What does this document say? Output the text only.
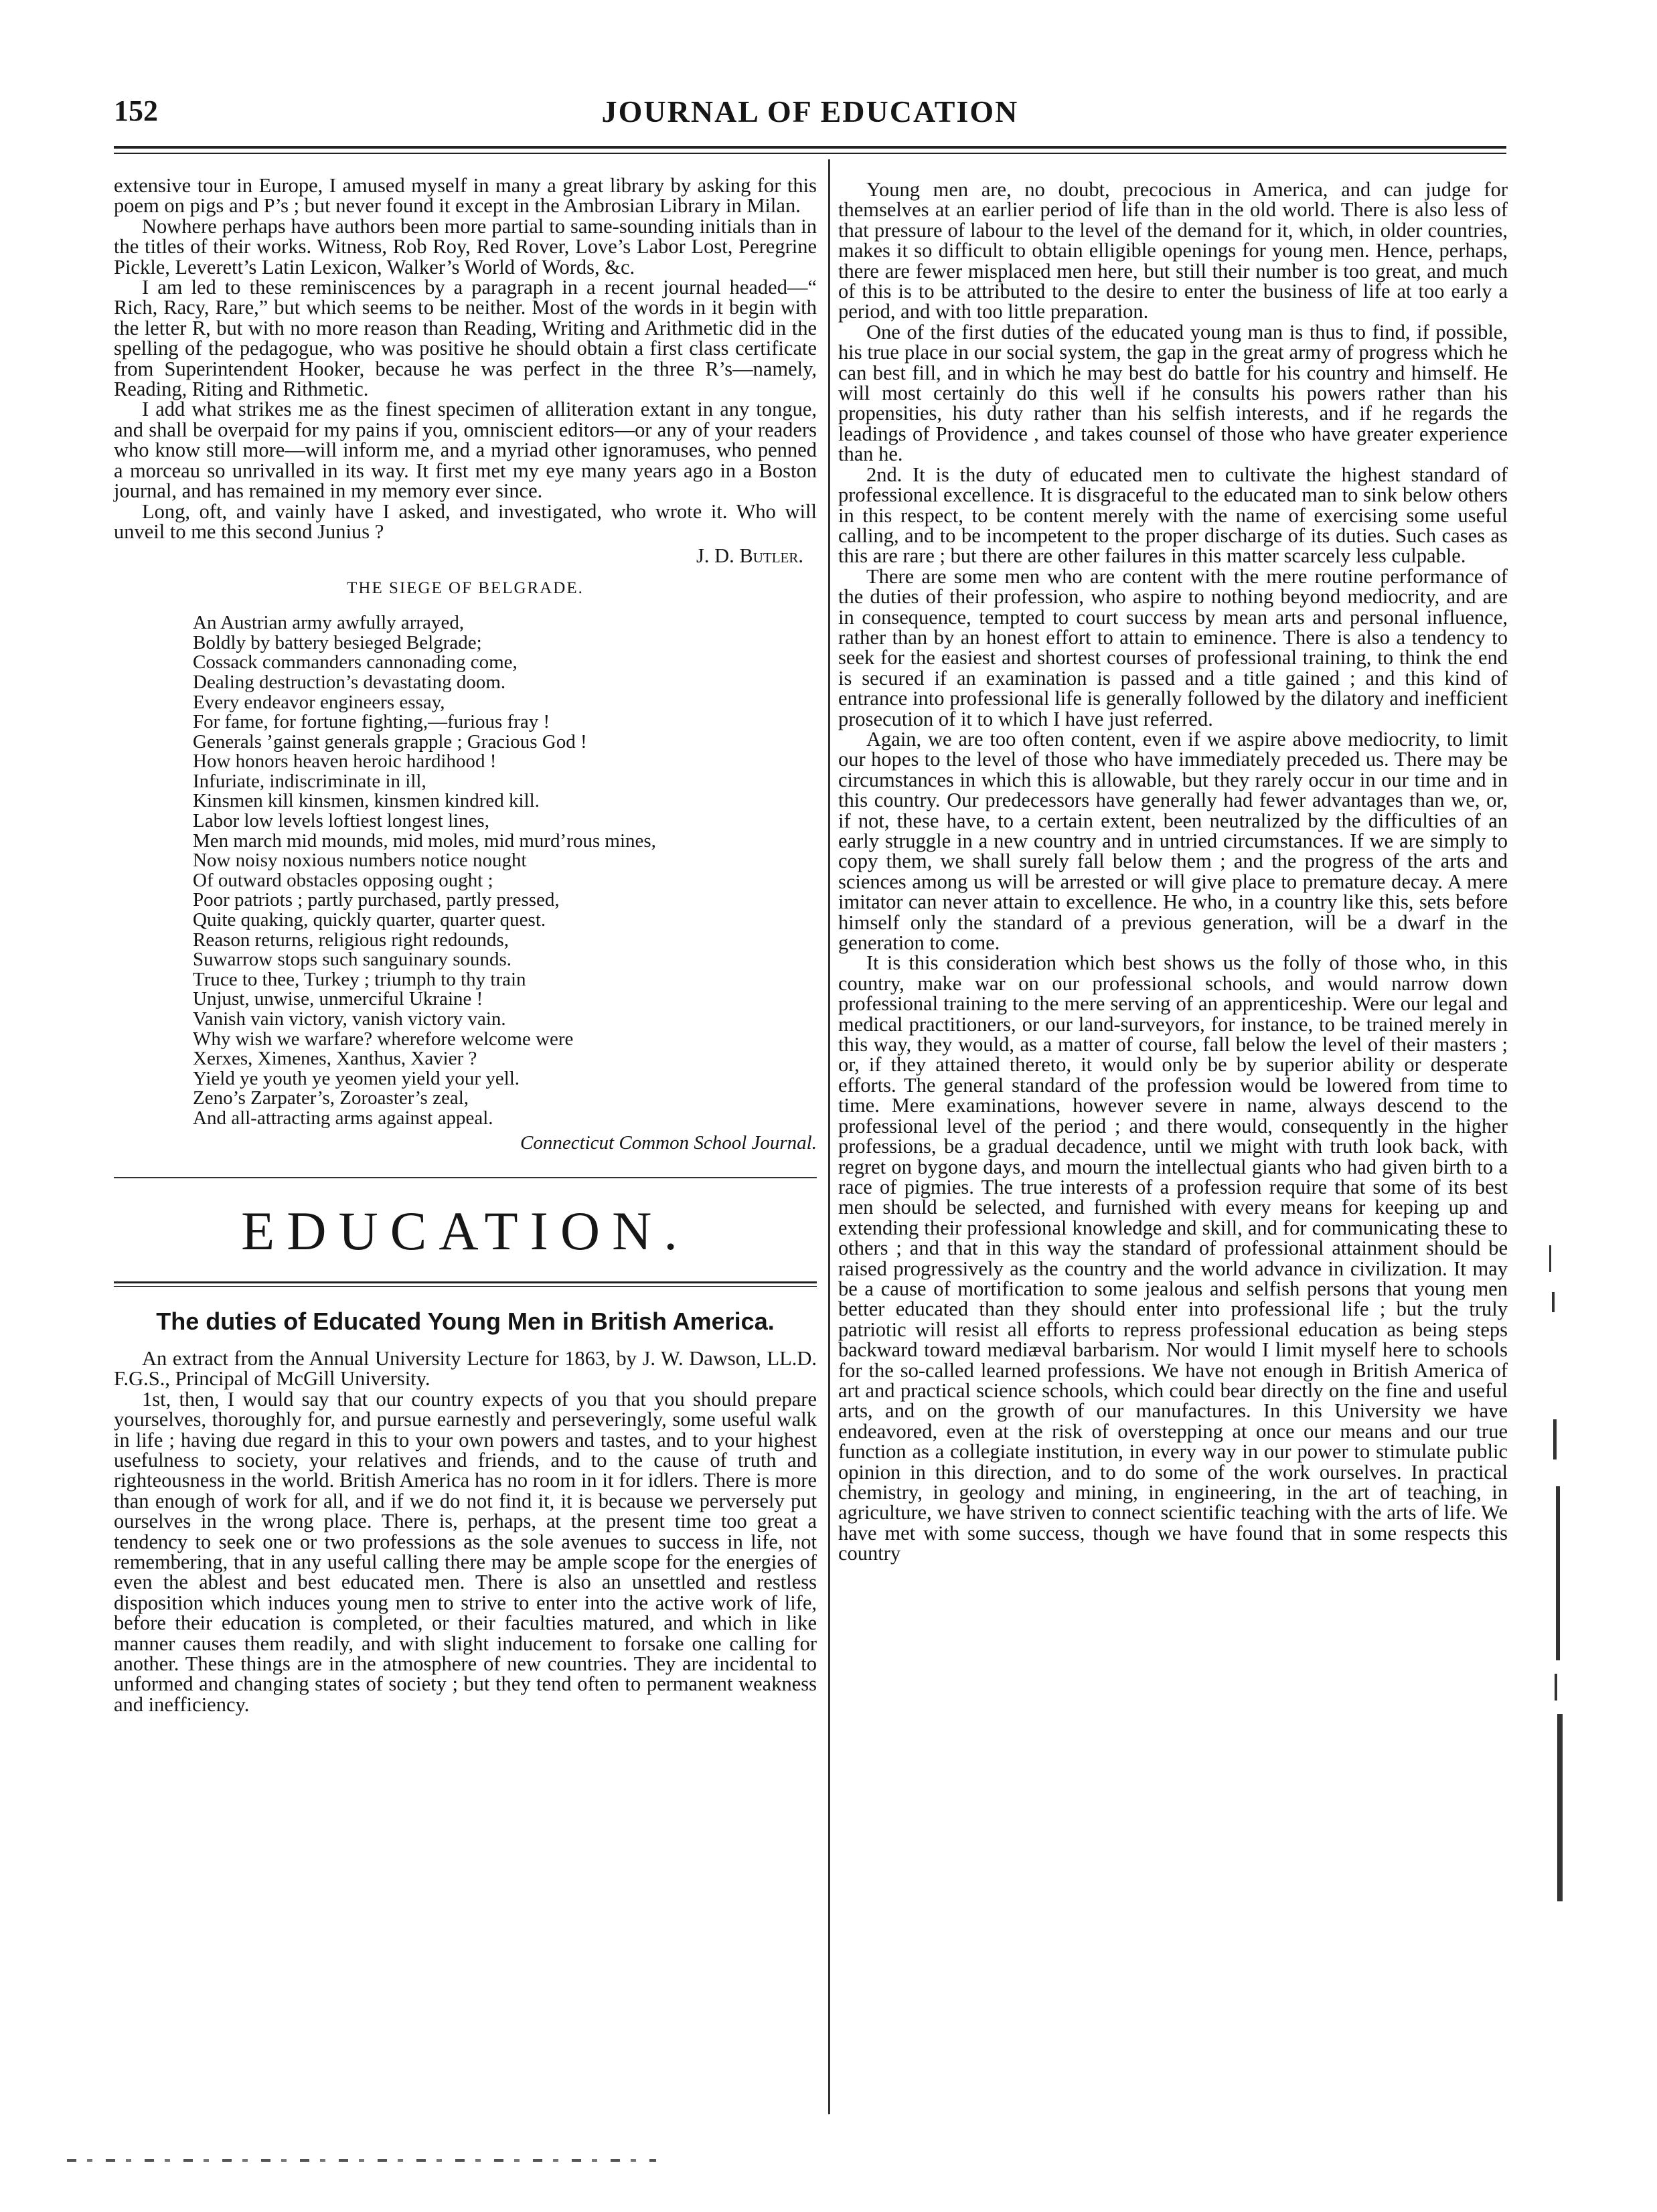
152	JOURNAL OF EDUCATION

extensive tour in Europe, I amused myself in many a great library by asking for this poem on pigs and P’s ; but never found it except in the Ambrosian Library in Milan.

Nowhere perhaps have authors been more partial to same-sounding initials than in the titles of their works. Witness, Rob Roy, Red Rover, Love’s Labor Lost, Peregrine Pickle, Leverett’s Latin Lexicon, Walker’s World of Words, &c.

I am led to these reminiscences by a paragraph in a recent journal headed—“ Rich, Racy, Rare,” but which seems to be neither. Most of the words in it begin with the letter R, but with no more reason than Reading, Writing and Arithmetic did in the spelling of the pedagogue, who was positive he should obtain a first class certificate from Superintendent Hooker, because he was perfect in the three R’s—namely, Reading, Riting and Rithmetic.

I add what strikes me as the finest specimen of alliteration extant in any tongue, and shall be overpaid for my pains if you, omniscient editors—or any of your readers who know still more—will inform me, and a myriad other ignoramuses, who penned a morceau so unrivalled in its way. It first met my eye many years ago in a Boston journal, and has remained in my memory ever since.

Long, oft, and vainly have I asked, and investigated, who wrote it. Who will unveil to me this second Junius ?

J. D. Butler.
THE SIEGE OF BELGRADE.
An Austrian army awfully arrayed,
Boldly by battery besieged Belgrade;
Cossack commanders cannonading come,
Dealing destruction’s devastating doom.
Every endeavor engineers essay,
For fame, for fortune fighting,—furious fray !
Generals ’gainst generals grapple ; Gracious God !
How honors heaven heroic hardihood !
Infuriate, indiscriminate in ill,
Kinsmen kill kinsmen, kinsmen kindred kill.
Labor low levels loftiest longest lines,
Men march mid mounds, mid moles, mid murd’rous mines,
Now noisy noxious numbers notice nought
Of outward obstacles opposing ought ;
Poor patriots ; partly purchased, partly pressed,
Quite quaking, quickly quarter, quarter quest.
Reason returns, religious right redounds,
Suwarrow stops such sanguinary sounds.
Truce to thee, Turkey ; triumph to thy train
Unjust, unwise, unmerciful Ukraine !
Vanish vain victory, vanish victory vain.
Why wish we warfare? wherefore welcome were
Xerxes, Ximenes, Xanthus, Xavier ?
Yield ye youth ye yeomen yield your yell.
Zeno’s Zarpater’s, Zoroaster’s zeal,
And all-attracting arms against appeal.
Connecticut Common School Journal.
EDUCATION.
The duties of Educated Young Men in British America.

An extract from the Annual University Lecture for 1863, by J. W. Dawson, LL.D. F.G.S., Principal of McGill University.

1st, then, I would say that our country expects of you that you should prepare yourselves, thoroughly for, and pursue earnestly and perseveringly, some useful walk in life ; having due regard in this to your own powers and tastes, and to your highest usefulness to society, your relatives and friends, and to the cause of truth and righteousness in the world. British America has no room in it for idlers. There is more than enough of work for all, and if we do not find it, it is because we perversely put ourselves in the wrong place. There is, perhaps, at the present time too great a tendency to seek one or two professions as the sole avenues to success in life, not remembering, that in any useful calling there may be ample scope for the energies of even the ablest and best educated men. There is also an unsettled and restless disposition which induces young men to strive to enter into the active work of life, before their education is completed, or their faculties matured, and which in like manner causes them readily, and with slight inducement to forsake one calling for another. These things are in the atmosphere of new countries. They are incidental to unformed and changing states of society ; but they tend often to permanent weakness and inefficiency.

Young men are, no doubt, precocious in America, and can judge for themselves at an earlier period of life than in the old world. There is also less of that pressure of labour to the level of the demand for it, which, in older countries, makes it so difficult to obtain elligible openings for young men. Hence, perhaps, there are fewer misplaced men here, but still their number is too great, and much of this is to be attributed to the desire to enter the business of life at too early a period, and with too little preparation.

One of the first duties of the educated young man is thus to find, if possible, his true place in our social system, the gap in the great army of progress which he can best fill, and in which he may best do battle for his country and himself. He will most certainly do this well if he consults his powers rather than his propensities, his duty rather than his selfish interests, and if he regards the leadings of Providence , and takes counsel of those who have greater experience than he.

2nd. It is the duty of educated men to cultivate the highest standard of professional excellence. It is disgraceful to the educated man to sink below others in this respect, to be content merely with the name of exercising some useful calling, and to be incompetent to the proper discharge of its duties. Such cases as this are rare ; but there are other failures in this matter scarcely less culpable.

There are some men who are content with the mere routine performance of the duties of their profession, who aspire to nothing beyond mediocrity, and are in consequence, tempted to court success by mean arts and personal influence, rather than by an honest effort to attain to eminence. There is also a tendency to seek for the easiest and shortest courses of professional training, to think the end is secured if an examination is passed and a title gained ; and this kind of entrance into professional life is generally followed by the dilatory and inefficient prosecution of it to which I have just referred.

Again, we are too often content, even if we aspire above mediocrity, to limit our hopes to the level of those who have immediately preceded us. There may be circumstances in which this is allowable, but they rarely occur in our time and in this country. Our predecessors have generally had fewer advantages than we, or, if not, these have, to a certain extent, been neutralized by the difficulties of an early struggle in a new country and in untried circumstances. If we are simply to copy them, we shall surely fall below them ; and the progress of the arts and sciences among us will be arrested or will give place to premature decay. A mere imitator can never attain to excellence. He who, in a country like this, sets before himself only the standard of a previous generation, will be a dwarf in the generation to come.

It is this consideration which best shows us the folly of those who, in this country, make war on our professional schools, and would narrow down professional training to the mere serving of an apprenticeship. Were our legal and medical practitioners, or our land-surveyors, for instance, to be trained merely in this way, they would, as a matter of course, fall below the level of their masters ; or, if they attained thereto, it would only be by superior ability or desperate efforts. The general standard of the profession would be lowered from time to time. Mere examinations, however severe in name, always descend to the professional level of the period ; and there would, consequently in the higher professions, be a gradual decadence, until we might with truth look back, with regret on bygone days, and mourn the intellectual giants who had given birth to a race of pigmies. The true interests of a profession require that some of its best men should be selected, and furnished with every means for keeping up and extending their professional knowledge and skill, and for communicating these to others ; and that in this way the standard of professional attainment should be raised progressively as the country and the world advance in civilization. It may be a cause of mortification to some jealous and selfish persons that young men better educated than they should enter into professional life ; but the truly patriotic will resist all efforts to repress professional education as being steps backward toward mediæval barbarism. Nor would I limit myself here to schools for the so-called learned professions. We have not enough in British America of art and practical science schools, which could bear directly on the fine and useful arts, and on the growth of our manufactures. In this University we have endeavored, even at the risk of overstepping at once our means and our true function as a collegiate institution, in every way in our power to stimulate public opinion in this direction, and to do some of the work ourselves. In practical chemistry, in geology and mining, in engineering, in the art of teaching, in agriculture, we have striven to connect scientific teaching with the arts of life. We have met with some success, though we have found that in some respects this country
